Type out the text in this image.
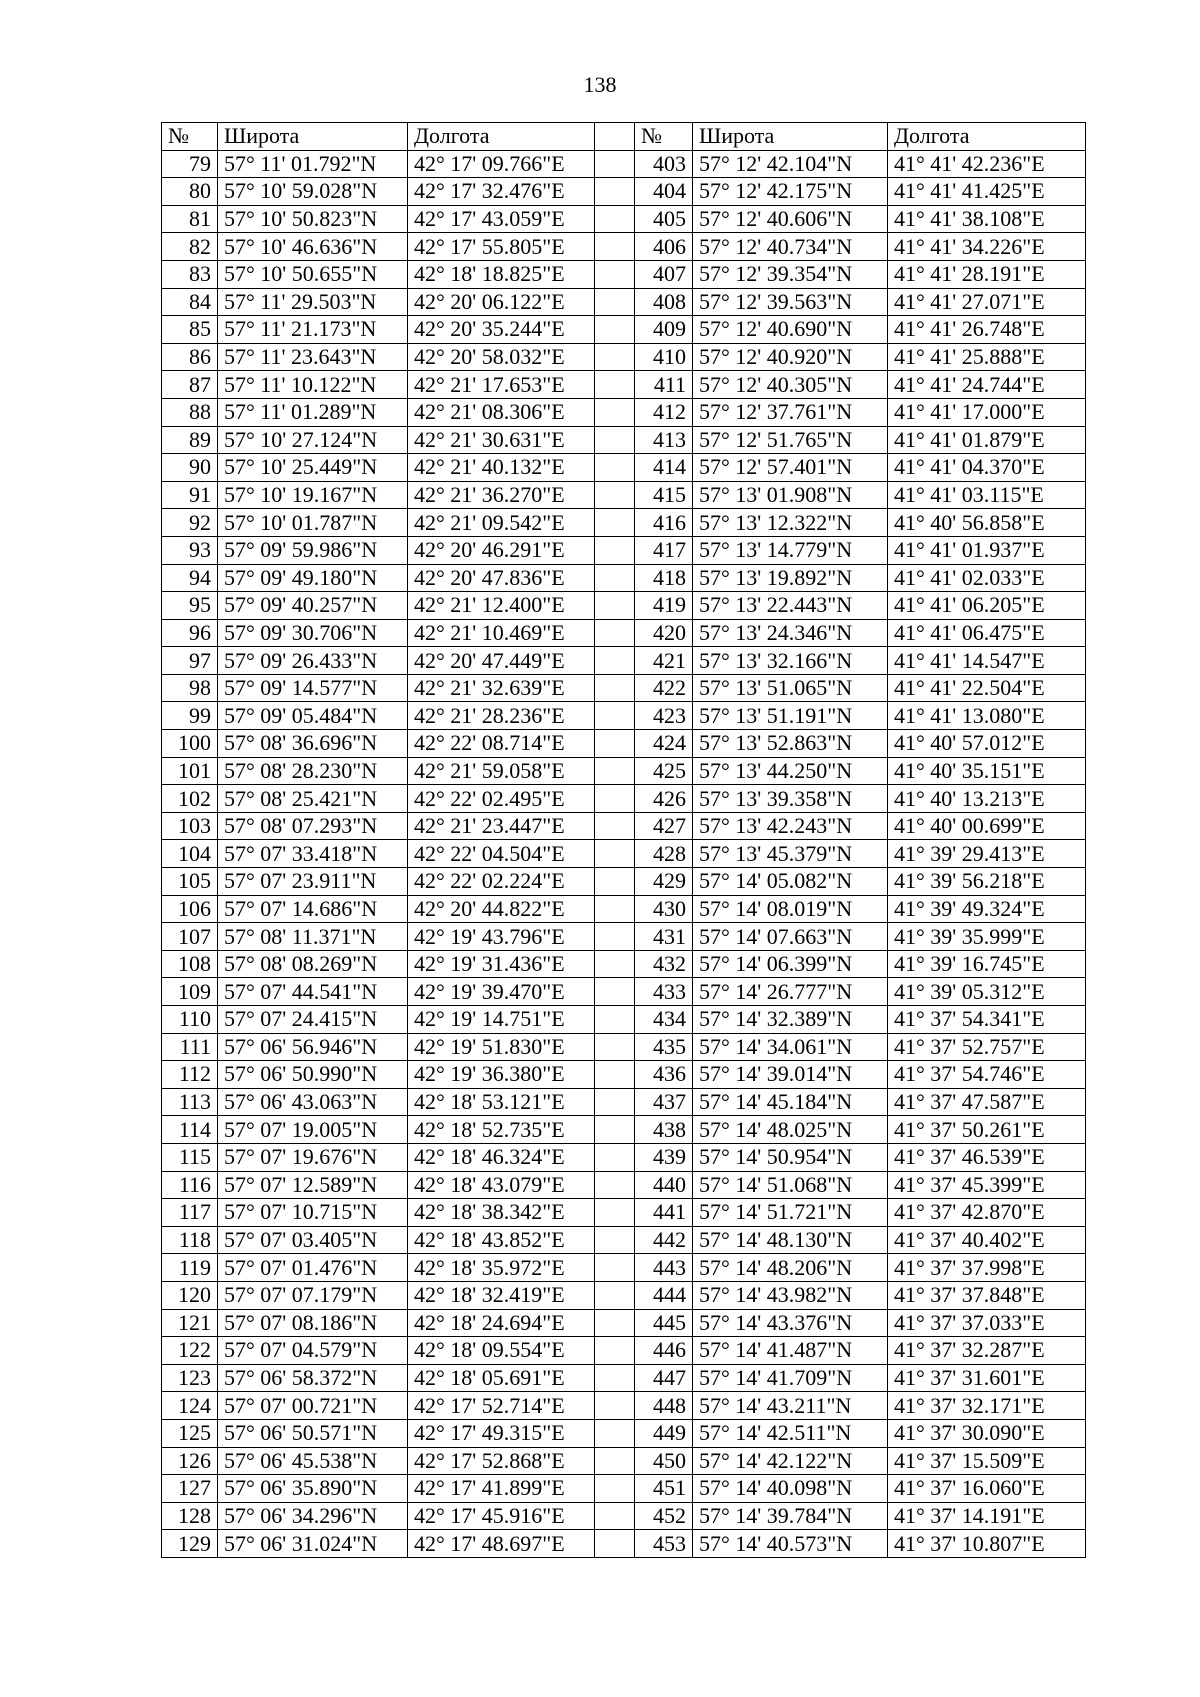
138
№	Широта	Долгота		№	Широта	Долгота
79	57° 11' 01.792"N	42° 17' 09.766"E		403	57° 12' 42.104"N	41° 41' 42.236"E
80	57° 10' 59.028"N	42° 17' 32.476"E		404	57° 12' 42.175"N	41° 41' 41.425"E
81	57° 10' 50.823"N	42° 17' 43.059"E		405	57° 12' 40.606"N	41° 41' 38.108"E
82	57° 10' 46.636"N	42° 17' 55.805"E		406	57° 12' 40.734"N	41° 41' 34.226"E
83	57° 10' 50.655"N	42° 18' 18.825"E		407	57° 12' 39.354"N	41° 41' 28.191"E
84	57° 11' 29.503"N	42° 20' 06.122"E		408	57° 12' 39.563"N	41° 41' 27.071"E
85	57° 11' 21.173"N	42° 20' 35.244"E		409	57° 12' 40.690"N	41° 41' 26.748"E
86	57° 11' 23.643"N	42° 20' 58.032"E		410	57° 12' 40.920"N	41° 41' 25.888"E
87	57° 11' 10.122"N	42° 21' 17.653"E		411	57° 12' 40.305"N	41° 41' 24.744"E
88	57° 11' 01.289"N	42° 21' 08.306"E		412	57° 12' 37.761"N	41° 41' 17.000"E
89	57° 10' 27.124"N	42° 21' 30.631"E		413	57° 12' 51.765"N	41° 41' 01.879"E
90	57° 10' 25.449"N	42° 21' 40.132"E		414	57° 12' 57.401"N	41° 41' 04.370"E
91	57° 10' 19.167"N	42° 21' 36.270"E		415	57° 13' 01.908"N	41° 41' 03.115"E
92	57° 10' 01.787"N	42° 21' 09.542"E		416	57° 13' 12.322"N	41° 40' 56.858"E
93	57° 09' 59.986"N	42° 20' 46.291"E		417	57° 13' 14.779"N	41° 41' 01.937"E
94	57° 09' 49.180"N	42° 20' 47.836"E		418	57° 13' 19.892"N	41° 41' 02.033"E
95	57° 09' 40.257"N	42° 21' 12.400"E		419	57° 13' 22.443"N	41° 41' 06.205"E
96	57° 09' 30.706"N	42° 21' 10.469"E		420	57° 13' 24.346"N	41° 41' 06.475"E
97	57° 09' 26.433"N	42° 20' 47.449"E		421	57° 13' 32.166"N	41° 41' 14.547"E
98	57° 09' 14.577"N	42° 21' 32.639"E		422	57° 13' 51.065"N	41° 41' 22.504"E
99	57° 09' 05.484"N	42° 21' 28.236"E		423	57° 13' 51.191"N	41° 41' 13.080"E
100	57° 08' 36.696"N	42° 22' 08.714"E		424	57° 13' 52.863"N	41° 40' 57.012"E
101	57° 08' 28.230"N	42° 21' 59.058"E		425	57° 13' 44.250"N	41° 40' 35.151"E
102	57° 08' 25.421"N	42° 22' 02.495"E		426	57° 13' 39.358"N	41° 40' 13.213"E
103	57° 08' 07.293"N	42° 21' 23.447"E		427	57° 13' 42.243"N	41° 40' 00.699"E
104	57° 07' 33.418"N	42° 22' 04.504"E		428	57° 13' 45.379"N	41° 39' 29.413"E
105	57° 07' 23.911"N	42° 22' 02.224"E		429	57° 14' 05.082"N	41° 39' 56.218"E
106	57° 07' 14.686"N	42° 20' 44.822"E		430	57° 14' 08.019"N	41° 39' 49.324"E
107	57° 08' 11.371"N	42° 19' 43.796"E		431	57° 14' 07.663"N	41° 39' 35.999"E
108	57° 08' 08.269"N	42° 19' 31.436"E		432	57° 14' 06.399"N	41° 39' 16.745"E
109	57° 07' 44.541"N	42° 19' 39.470"E		433	57° 14' 26.777"N	41° 39' 05.312"E
110	57° 07' 24.415"N	42° 19' 14.751"E		434	57° 14' 32.389"N	41° 37' 54.341"E
111	57° 06' 56.946"N	42° 19' 51.830"E		435	57° 14' 34.061"N	41° 37' 52.757"E
112	57° 06' 50.990"N	42° 19' 36.380"E		436	57° 14' 39.014"N	41° 37' 54.746"E
113	57° 06' 43.063"N	42° 18' 53.121"E		437	57° 14' 45.184"N	41° 37' 47.587"E
114	57° 07' 19.005"N	42° 18' 52.735"E		438	57° 14' 48.025"N	41° 37' 50.261"E
115	57° 07' 19.676"N	42° 18' 46.324"E		439	57° 14' 50.954"N	41° 37' 46.539"E
116	57° 07' 12.589"N	42° 18' 43.079"E		440	57° 14' 51.068"N	41° 37' 45.399"E
117	57° 07' 10.715"N	42° 18' 38.342"E		441	57° 14' 51.721"N	41° 37' 42.870"E
118	57° 07' 03.405"N	42° 18' 43.852"E		442	57° 14' 48.130"N	41° 37' 40.402"E
119	57° 07' 01.476"N	42° 18' 35.972"E		443	57° 14' 48.206"N	41° 37' 37.998"E
120	57° 07' 07.179"N	42° 18' 32.419"E		444	57° 14' 43.982"N	41° 37' 37.848"E
121	57° 07' 08.186"N	42° 18' 24.694"E		445	57° 14' 43.376"N	41° 37' 37.033"E
122	57° 07' 04.579"N	42° 18' 09.554"E		446	57° 14' 41.487"N	41° 37' 32.287"E
123	57° 06' 58.372"N	42° 18' 05.691"E		447	57° 14' 41.709"N	41° 37' 31.601"E
124	57° 07' 00.721"N	42° 17' 52.714"E		448	57° 14' 43.211"N	41° 37' 32.171"E
125	57° 06' 50.571"N	42° 17' 49.315"E		449	57° 14' 42.511"N	41° 37' 30.090"E
126	57° 06' 45.538"N	42° 17' 52.868"E		450	57° 14' 42.122"N	41° 37' 15.509"E
127	57° 06' 35.890"N	42° 17' 41.899"E		451	57° 14' 40.098"N	41° 37' 16.060"E
128	57° 06' 34.296"N	42° 17' 45.916"E		452	57° 14' 39.784"N	41° 37' 14.191"E
129	57° 06' 31.024"N	42° 17' 48.697"E		453	57° 14' 40.573"N	41° 37' 10.807"E
